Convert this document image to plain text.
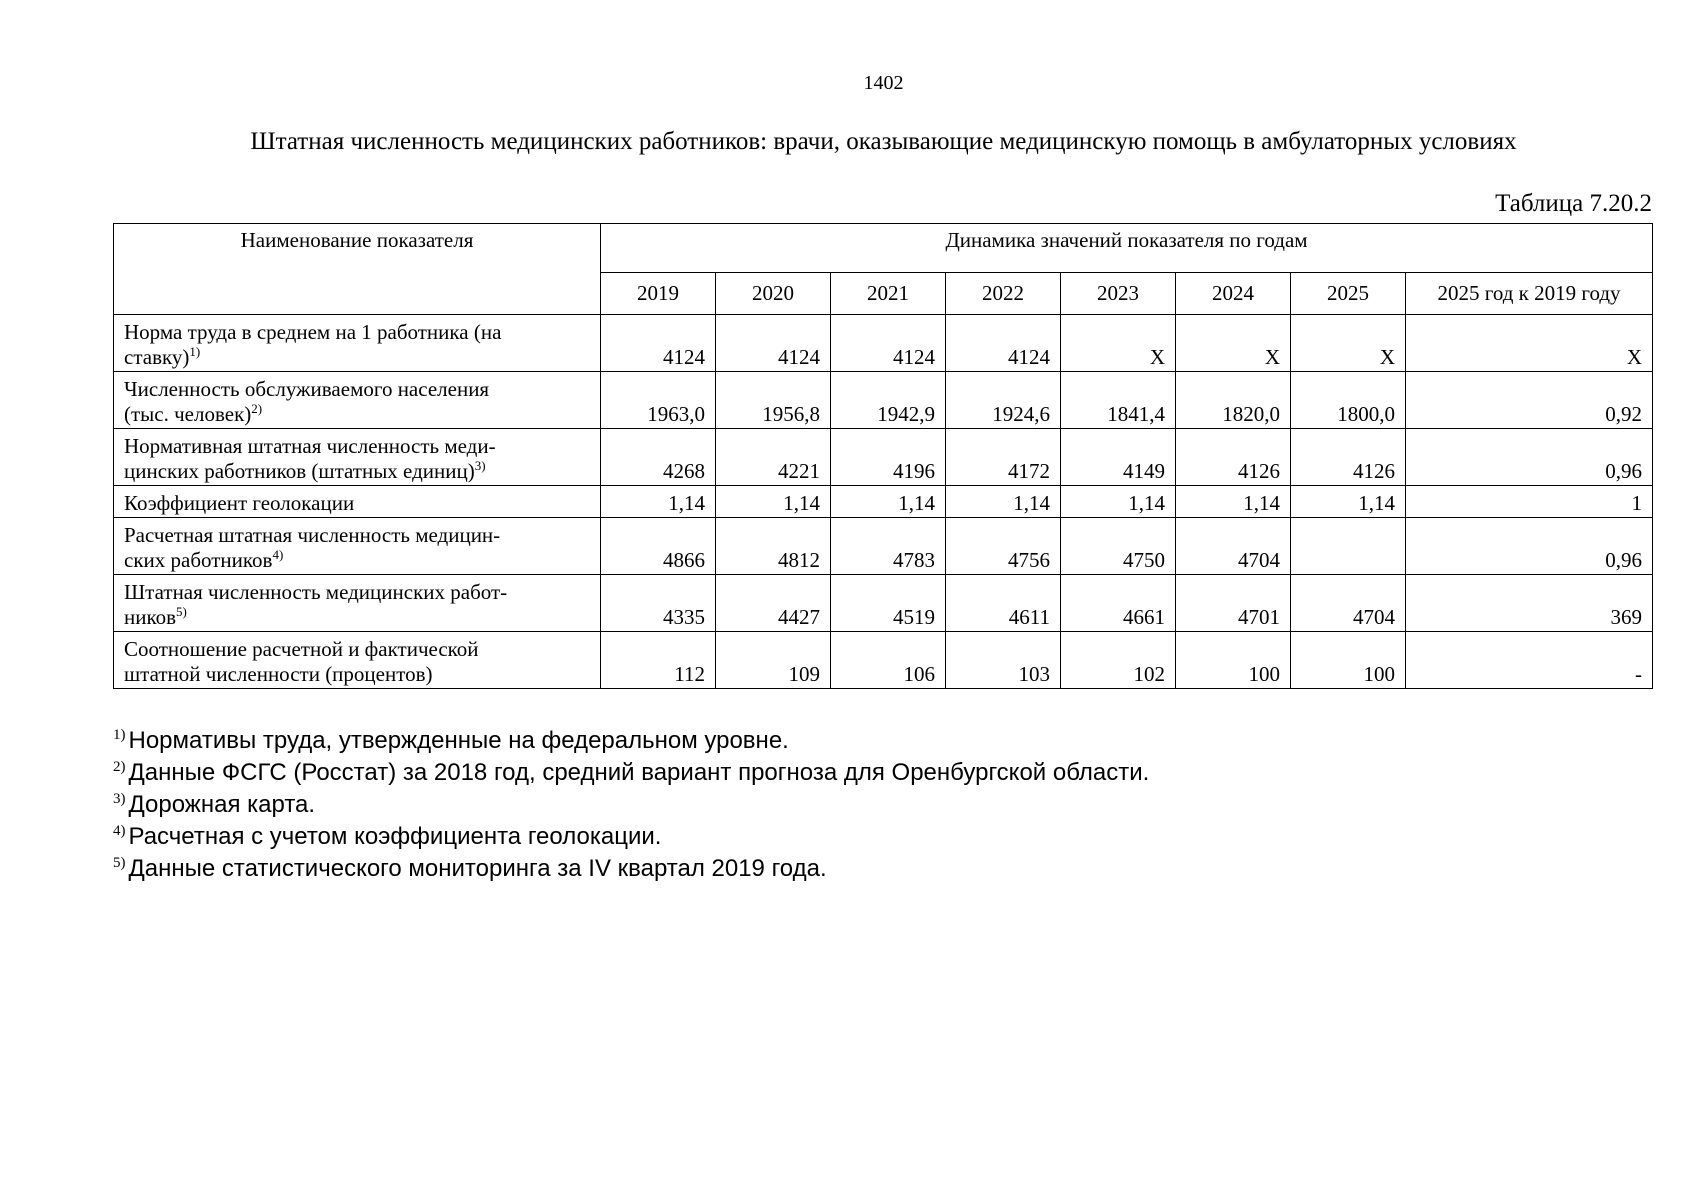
1402
Штатная численность медицинских работников: врачи, оказывающие медицинскую помощь в амбулаторных условиях
Таблица 7.20.2
Наименование показателя	Динамика значений показателя по годам							
	2019	2020	2021	2022	2023	2024	2025	2025 год к 2019 году
Норма труда в среднем на 1 работника (на
ставку)$^{1)}$	4124	4124	4124	4124	X	X	X	X
Численность обслуживаемого населения
(тыс. человек)$^{2)}$	1963,0	1956,8	1942,9	1924,6	1841,4	1820,0	1800,0	0,92
Нормативная штатная численность меди-
цинских работников (штатных единиц)$^{3)}$	4268	4221	4196	4172	4149	4126	4126	0,96
Коэффициент геолокации	1,14	1,14	1,14	1,14	1,14	1,14	1,14	1
Расчетная штатная численность медицин-
ских работников$^{4)}$	4866	4812	4783	4756	4750	4704		0,96
Штатная численность медицинских работ-
ников$^{5)}$	4335	4427	4519	4611	4661	4701	4704	369
Соотношение расчетной и фактической
штатной численности (процентов)	112	109	106	103	102	100	100	-
$^{1)}$ Нормативы труда, утвержденные на федеральном уровне.
$^{2)}$ Данные ФСГС (Росстат) за 2018 год, средний вариант прогноза для Оренбургской области.
$^{3)}$ Дорожная карта.
$^{4)}$ Расчетная с учетом коэффициента геолокации.
$^{5)}$ Данные статистического мониторинга за IV квартал 2019 года.
